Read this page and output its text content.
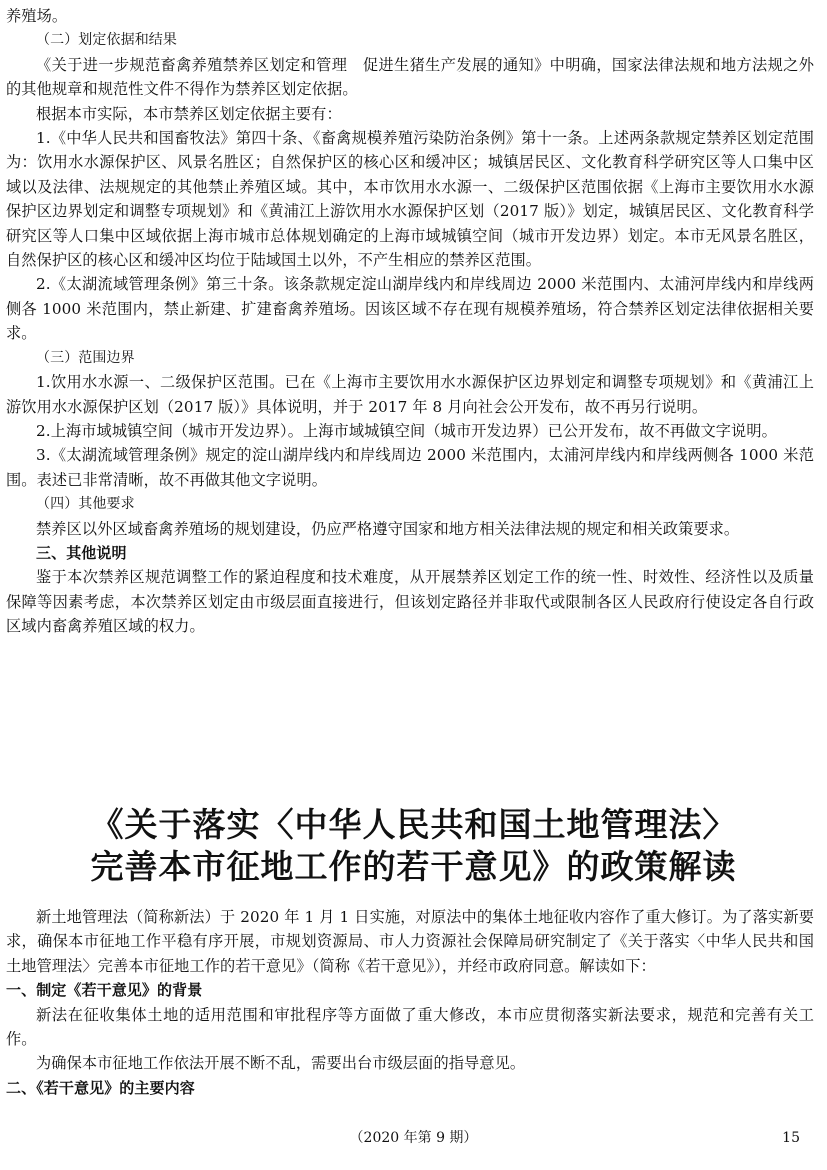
养殖场。

（二）划定依据和结果

《关于进一步规范畜禽养殖禁养区划定和管理　促进生猪生产发展的通知》中明确，国家法律法规和地方法规之外的其他规章和规范性文件不得作为禁养区划定依据。

根据本市实际，本市禁养区划定依据主要有：

1.《中华人民共和国畜牧法》第四十条、《畜禽规模养殖污染防治条例》第十一条。上述两条款规定禁养区划定范围为：饮用水水源保护区、风景名胜区；自然保护区的核心区和缓冲区；城镇居民区、文化教育科学研究区等人口集中区域以及法律、法规规定的其他禁止养殖区域。其中，本市饮用水水源一、二级保护区范围依据《上海市主要饮用水水源保护区边界划定和调整专项规划》和《黄浦江上游饮用水水源保护区划（2017 版）》划定，城镇居民区、文化教育科学研究区等人口集中区域依据上海市城市总体规划确定的上海市域城镇空间（城市开发边界）划定。本市无风景名胜区，自然保护区的核心区和缓冲区均位于陆域国土以外，不产生相应的禁养区范围。

2.《太湖流域管理条例》第三十条。该条款规定淀山湖岸线内和岸线周边 2000 米范围内、太浦河岸线内和岸线两侧各 1000 米范围内，禁止新建、扩建畜禽养殖场。因该区域不存在现有规模养殖场，符合禁养区划定法律依据相关要求。

（三）范围边界

1.饮用水水源一、二级保护区范围。已在《上海市主要饮用水水源保护区边界划定和调整专项规划》和《黄浦江上游饮用水水源保护区划（2017 版）》具体说明，并于 2017 年 8 月向社会公开发布，故不再另行说明。

2.上海市域城镇空间（城市开发边界）。上海市域城镇空间（城市开发边界）已公开发布，故不再做文字说明。

3.《太湖流域管理条例》规定的淀山湖岸线内和岸线周边 2000 米范围内，太浦河岸线内和岸线两侧各 1000 米范围。表述已非常清晰，故不再做其他文字说明。

（四）其他要求

禁养区以外区域畜禽养殖场的规划建设，仍应严格遵守国家和地方相关法律法规的规定和相关政策要求。

三、其他说明

鉴于本次禁养区规范调整工作的紧迫程度和技术难度，从开展禁养区划定工作的统一性、时效性、经济性以及质量保障等因素考虑，本次禁养区划定由市级层面直接进行，但该划定路径并非取代或限制各区人民政府行使设定各自行政区域内畜禽养殖区域的权力。

《关于落实〈中华人民共和国土地管理法〉
完善本市征地工作的若干意见》的政策解读

新土地管理法（简称新法）于 2020 年 1 月 1 日实施，对原法中的集体土地征收内容作了重大修订。为了落实新要求，确保本市征地工作平稳有序开展，市规划资源局、市人力资源社会保障局研究制定了《关于落实〈中华人民共和国土地管理法〉完善本市征地工作的若干意见》（简称《若干意见》），并经市政府同意。解读如下：

一、制定《若干意见》的背景

新法在征收集体土地的适用范围和审批程序等方面做了重大修改，本市应贯彻落实新法要求，规范和完善有关工作。

为确保本市征地工作依法开展不断不乱，需要出台市级层面的指导意见。

二、《若干意见》的主要内容

（2020 年第 9 期）	15
